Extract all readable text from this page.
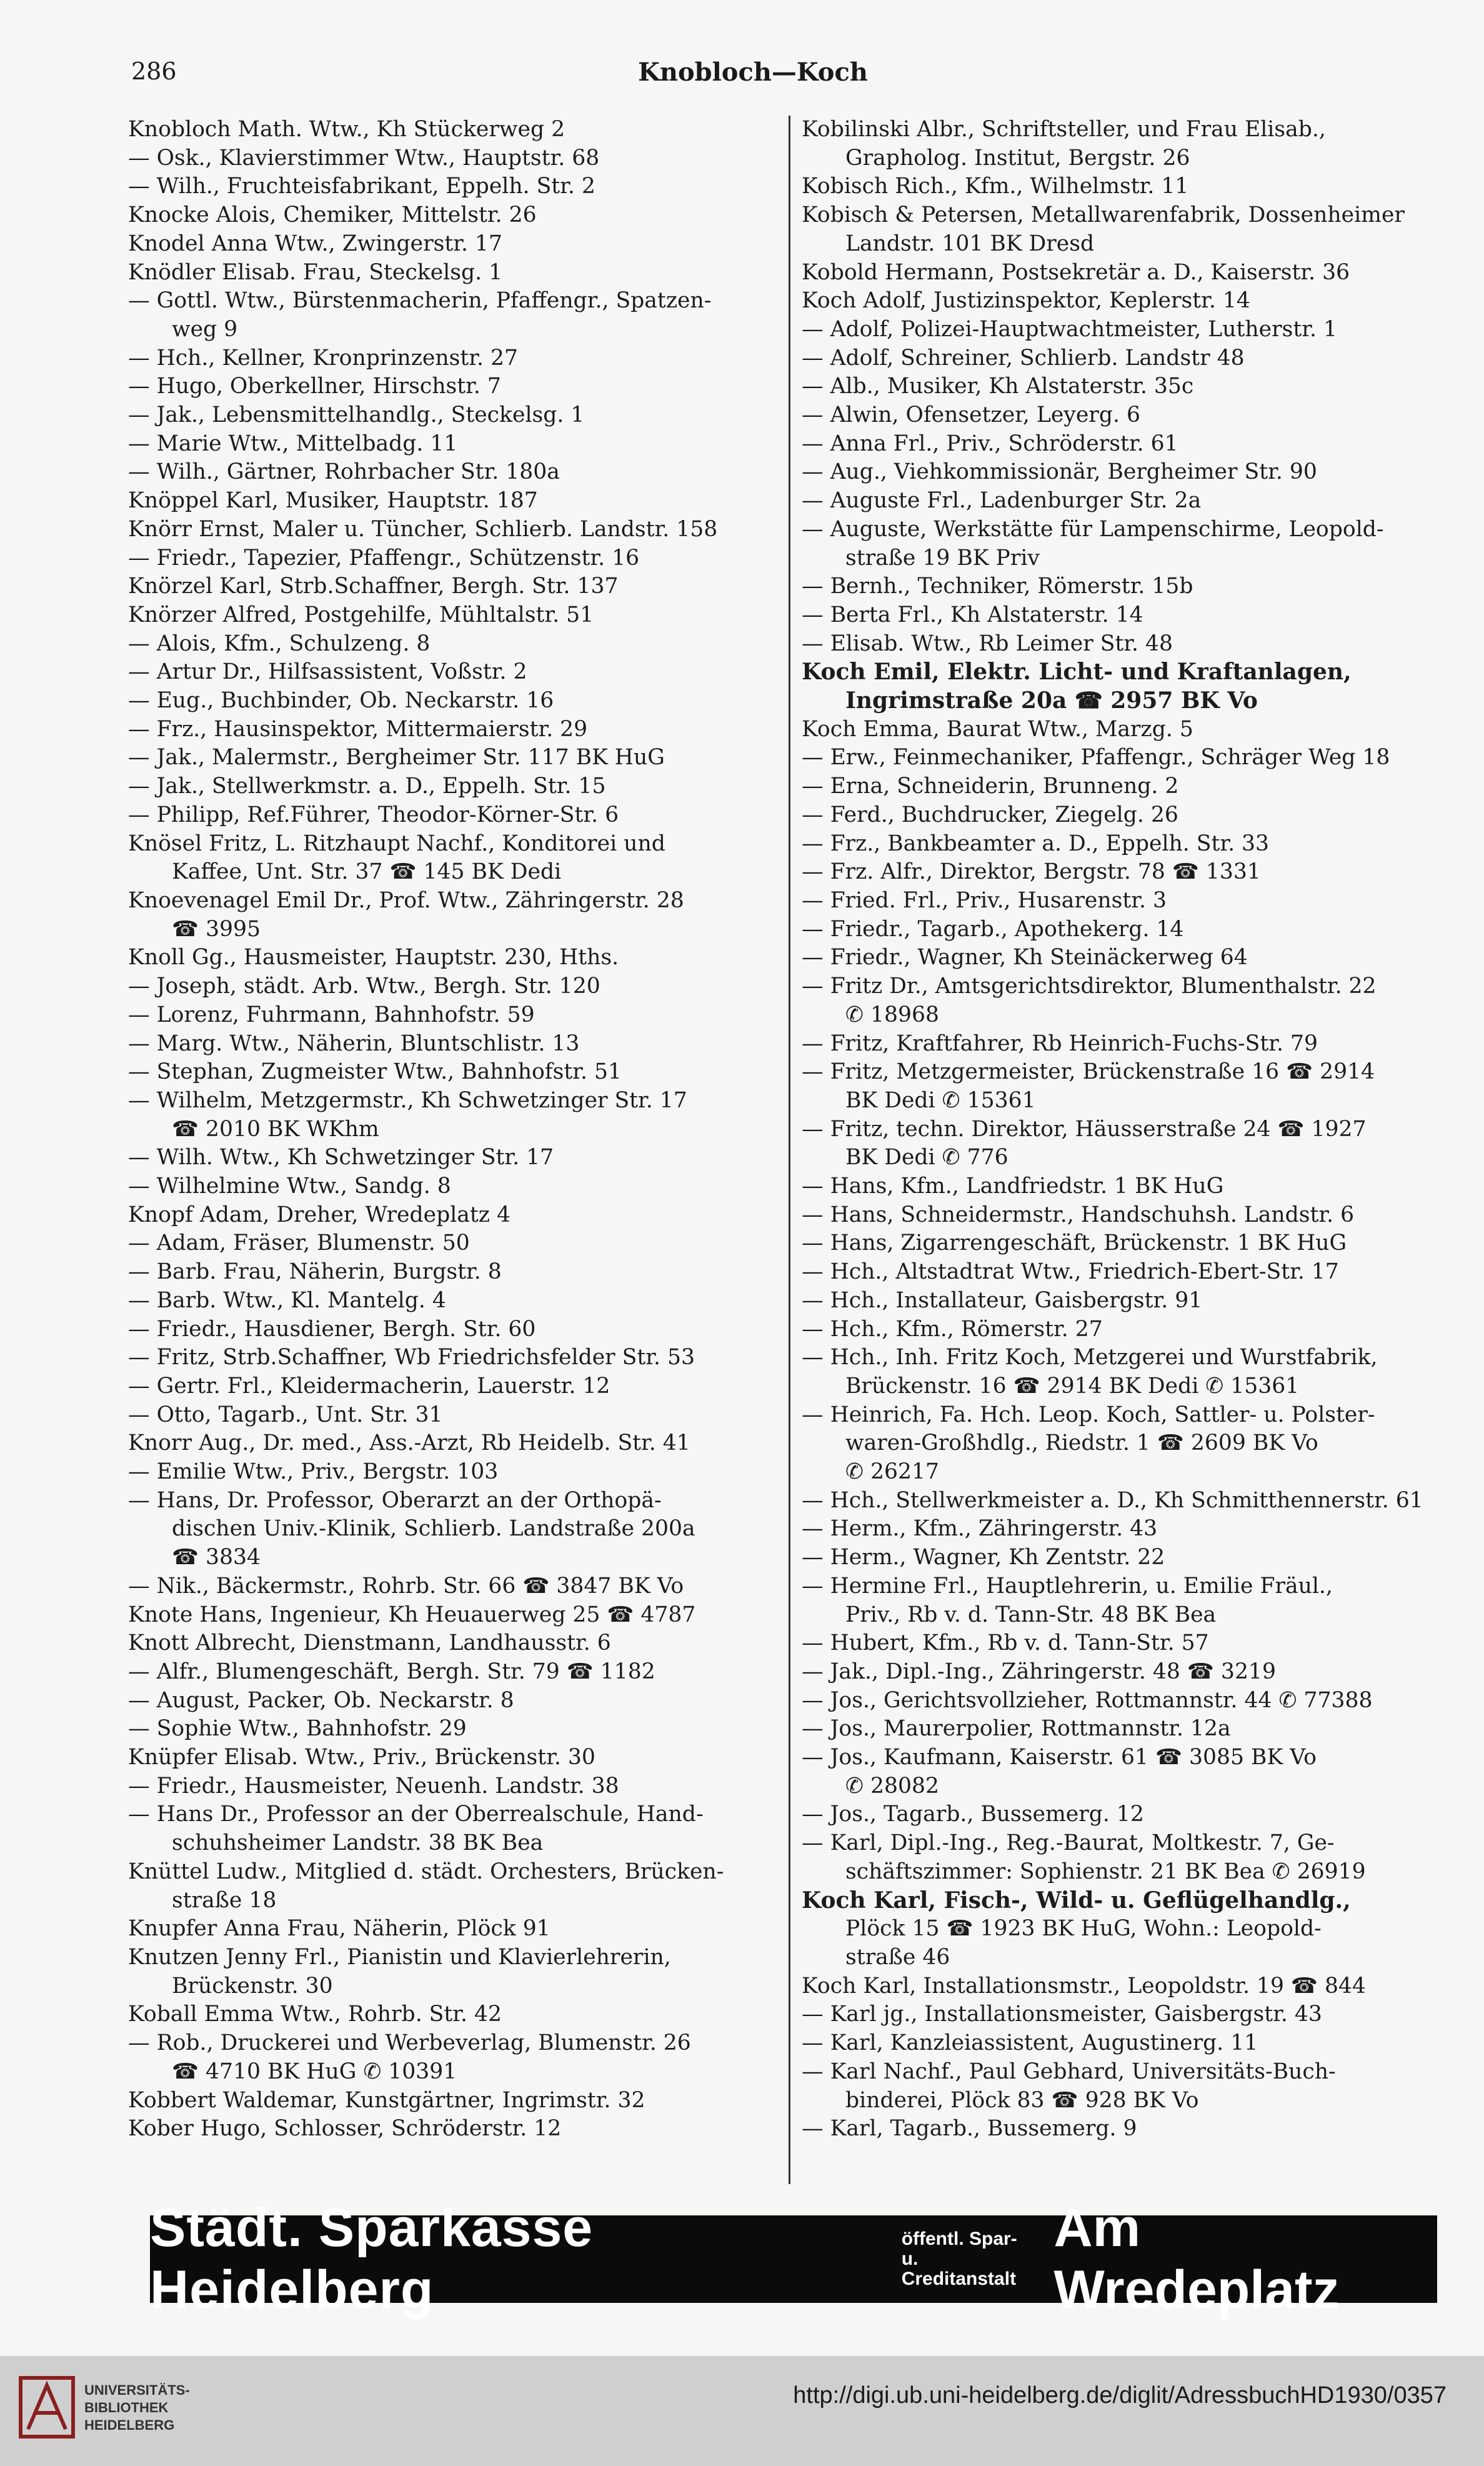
286	Knobloch—Koch
Knobloch Math. Wtw., Kh Stückerweg 2
— Osk., Klavierstimmer Wtw., Hauptstr. 68
— Wilh., Fruchteisfabrikant, Eppelh. Str. 2
Knocke Alois, Chemiker, Mittelstr. 26
Knodel Anna Wtw., Zwingerstr. 17
Knödler Elisab. Frau, Steckelsg. 1
— Gottl. Wtw., Bürstenmacherin, Pfaffengr., Spatzen-
weg 9
— Hch., Kellner, Kronprinzenstr. 27
— Hugo, Oberkellner, Hirschstr. 7
— Jak., Lebensmittelhandlg., Steckelsg. 1
— Marie Wtw., Mittelbadg. 11
— Wilh., Gärtner, Rohrbacher Str. 180a
Knöppel Karl, Musiker, Hauptstr. 187
Knörr Ernst, Maler u. Tüncher, Schlierb. Landstr. 158
— Friedr., Tapezier, Pfaffengr., Schützenstr. 16
Knörzel Karl, Strb.Schaffner, Bergh. Str. 137
Knörzer Alfred, Postgehilfe, Mühltalstr. 51
— Alois, Kfm., Schulzeng. 8
— Artur Dr., Hilfsassistent, Voßstr. 2
— Eug., Buchbinder, Ob. Neckarstr. 16
— Frz., Hausinspektor, Mittermaierstr. 29
— Jak., Malermstr., Bergheimer Str. 117 BK HuG
— Jak., Stellwerkmstr. a. D., Eppelh. Str. 15
— Philipp, Ref.Führer, Theodor-Körner-Str. 6
Knösel Fritz, L. Ritzhaupt Nachf., Konditorei und
Kaffee, Unt. Str. 37 ☎ 145 BK Dedi
Knoevenagel Emil Dr., Prof. Wtw., Zähringerstr. 28
☎ 3995
Knoll Gg., Hausmeister, Hauptstr. 230, Hths.
— Joseph, städt. Arb. Wtw., Bergh. Str. 120
— Lorenz, Fuhrmann, Bahnhofstr. 59
— Marg. Wtw., Näherin, Bluntschlistr. 13
— Stephan, Zugmeister Wtw., Bahnhofstr. 51
— Wilhelm, Metzgermstr., Kh Schwetzinger Str. 17
☎ 2010 BK WKhm
— Wilh. Wtw., Kh Schwetzinger Str. 17
— Wilhelmine Wtw., Sandg. 8
Knopf Adam, Dreher, Wredeplatz 4
— Adam, Fräser, Blumenstr. 50
— Barb. Frau, Näherin, Burgstr. 8
— Barb. Wtw., Kl. Mantelg. 4
— Friedr., Hausdiener, Bergh. Str. 60
— Fritz, Strb.Schaffner, Wb Friedrichsfelder Str. 53
— Gertr. Frl., Kleidermacherin, Lauerstr. 12
— Otto, Tagarb., Unt. Str. 31
Knorr Aug., Dr. med., Ass.-Arzt, Rb Heidelb. Str. 41
— Emilie Wtw., Priv., Bergstr. 103
— Hans, Dr. Professor, Oberarzt an der Orthopä-
dischen Univ.-Klinik, Schlierb. Landstraße 200a
☎ 3834
— Nik., Bäckermstr., Rohrb. Str. 66 ☎ 3847 BK Vo
Knote Hans, Ingenieur, Kh Heuauerweg 25 ☎ 4787
Knott Albrecht, Dienstmann, Landhausstr. 6
— Alfr., Blumengeschäft, Bergh. Str. 79 ☎ 1182
— August, Packer, Ob. Neckarstr. 8
— Sophie Wtw., Bahnhofstr. 29
Knüpfer Elisab. Wtw., Priv., Brückenstr. 30
— Friedr., Hausmeister, Neuenh. Landstr. 38
— Hans Dr., Professor an der Oberrealschule, Hand-
schuhsheimer Landstr. 38 BK Bea
Knüttel Ludw., Mitglied d. städt. Orchesters, Brücken-
straße 18
Knupfer Anna Frau, Näherin, Plöck 91
Knutzen Jenny Frl., Pianistin und Klavierlehrerin,
Brückenstr. 30
Koball Emma Wtw., Rohrb. Str. 42
— Rob., Druckerei und Werbeverlag, Blumenstr. 26
☎ 4710 BK HuG ✆ 10391
Kobbert Waldemar, Kunstgärtner, Ingrimstr. 32
Kober Hugo, Schlosser, Schröderstr. 12
Kobilinski Albr., Schriftsteller, und Frau Elisab.,
Grapholog. Institut, Bergstr. 26
Kobisch Rich., Kfm., Wilhelmstr. 11
Kobisch & Petersen, Metallwarenfabrik, Dossenheimer
Landstr. 101 BK Dresd
Kobold Hermann, Postsekretär a. D., Kaiserstr. 36
Koch Adolf, Justizinspektor, Keplerstr. 14
— Adolf, Polizei-Hauptwachtmeister, Lutherstr. 1
— Adolf, Schreiner, Schlierb. Landstr 48
— Alb., Musiker, Kh Alstaterstr. 35c
— Alwin, Ofensetzer, Leyerg. 6
— Anna Frl., Priv., Schröderstr. 61
— Aug., Viehkommissionär, Bergheimer Str. 90
— Auguste Frl., Ladenburger Str. 2a
— Auguste, Werkstätte für Lampenschirme, Leopold-
straße 19 BK Priv
— Bernh., Techniker, Römerstr. 15b
— Berta Frl., Kh Alstaterstr. 14
— Elisab. Wtw., Rb Leimer Str. 48
Koch Emil, Elektr. Licht- und Kraftanlagen,
Ingrimstraße 20a ☎ 2957 BK Vo
Koch Emma, Baurat Wtw., Marzg. 5
— Erw., Feinmechaniker, Pfaffengr., Schräger Weg 18
— Erna, Schneiderin, Brunneng. 2
— Ferd., Buchdrucker, Ziegelg. 26
— Frz., Bankbeamter a. D., Eppelh. Str. 33
— Frz. Alfr., Direktor, Bergstr. 78 ☎ 1331
— Fried. Frl., Priv., Husarenstr. 3
— Friedr., Tagarb., Apothekerg. 14
— Friedr., Wagner, Kh Steinäckerweg 64
— Fritz Dr., Amtsgerichtsdirektor, Blumenthalstr. 22
✆ 18968
— Fritz, Kraftfahrer, Rb Heinrich-Fuchs-Str. 79
— Fritz, Metzgermeister, Brückenstraße 16 ☎ 2914
BK Dedi ✆ 15361
— Fritz, techn. Direktor, Häusserstraße 24 ☎ 1927
BK Dedi ✆ 776
— Hans, Kfm., Landfriedstr. 1 BK HuG
— Hans, Schneidermstr., Handschuhsh. Landstr. 6
— Hans, Zigarrengeschäft, Brückenstr. 1 BK HuG
— Hch., Altstadtrat Wtw., Friedrich-Ebert-Str. 17
— Hch., Installateur, Gaisbergstr. 91
— Hch., Kfm., Römerstr. 27
— Hch., Inh. Fritz Koch, Metzgerei und Wurstfabrik,
Brückenstr. 16 ☎ 2914 BK Dedi ✆ 15361
— Heinrich, Fa. Hch. Leop. Koch, Sattler- u. Polster-
waren-Großhdlg., Riedstr. 1 ☎ 2609 BK Vo
✆ 26217
— Hch., Stellwerkmeister a. D., Kh Schmitthennerstr. 61
— Herm., Kfm., Zähringerstr. 43
— Herm., Wagner, Kh Zentstr. 22
— Hermine Frl., Hauptlehrerin, u. Emilie Fräul.,
Priv., Rb v. d. Tann-Str. 48 BK Bea
— Hubert, Kfm., Rb v. d. Tann-Str. 57
— Jak., Dipl.-Ing., Zähringerstr. 48 ☎ 3219
— Jos., Gerichtsvollzieher, Rottmannstr. 44 ✆ 77388
— Jos., Maurerpolier, Rottmannstr. 12a
— Jos., Kaufmann, Kaiserstr. 61 ☎ 3085 BK Vo
✆ 28082
— Jos., Tagarb., Bussemerg. 12
— Karl, Dipl.-Ing., Reg.-Baurat, Moltkestr. 7, Ge-
schäftszimmer: Sophienstr. 21 BK Bea ✆ 26919
Koch Karl, Fisch-, Wild- u. Geflügelhandlg.,
Plöck 15 ☎ 1923 BK HuG, Wohn.: Leopold-
straße 46
Koch Karl, Installationsmstr., Leopoldstr. 19 ☎ 844
— Karl jg., Installationsmeister, Gaisbergstr. 43
— Karl, Kanzleiassistent, Augustinerg. 11
— Karl Nachf., Paul Gebhard, Universitäts-Buch-
binderei, Plöck 83 ☎ 928 BK Vo
— Karl, Tagarb., Bussemerg. 9
Städt. Sparkasse Heidelberg
öffentl. Spar- u.
Creditanstalt
Am Wredeplatz
UNIVERSITÄTS-
BIBLIOTHEK
HEIDELBERG
http://digi.ub.uni-heidelberg.de/diglit/AdressbuchHD1930/0357
